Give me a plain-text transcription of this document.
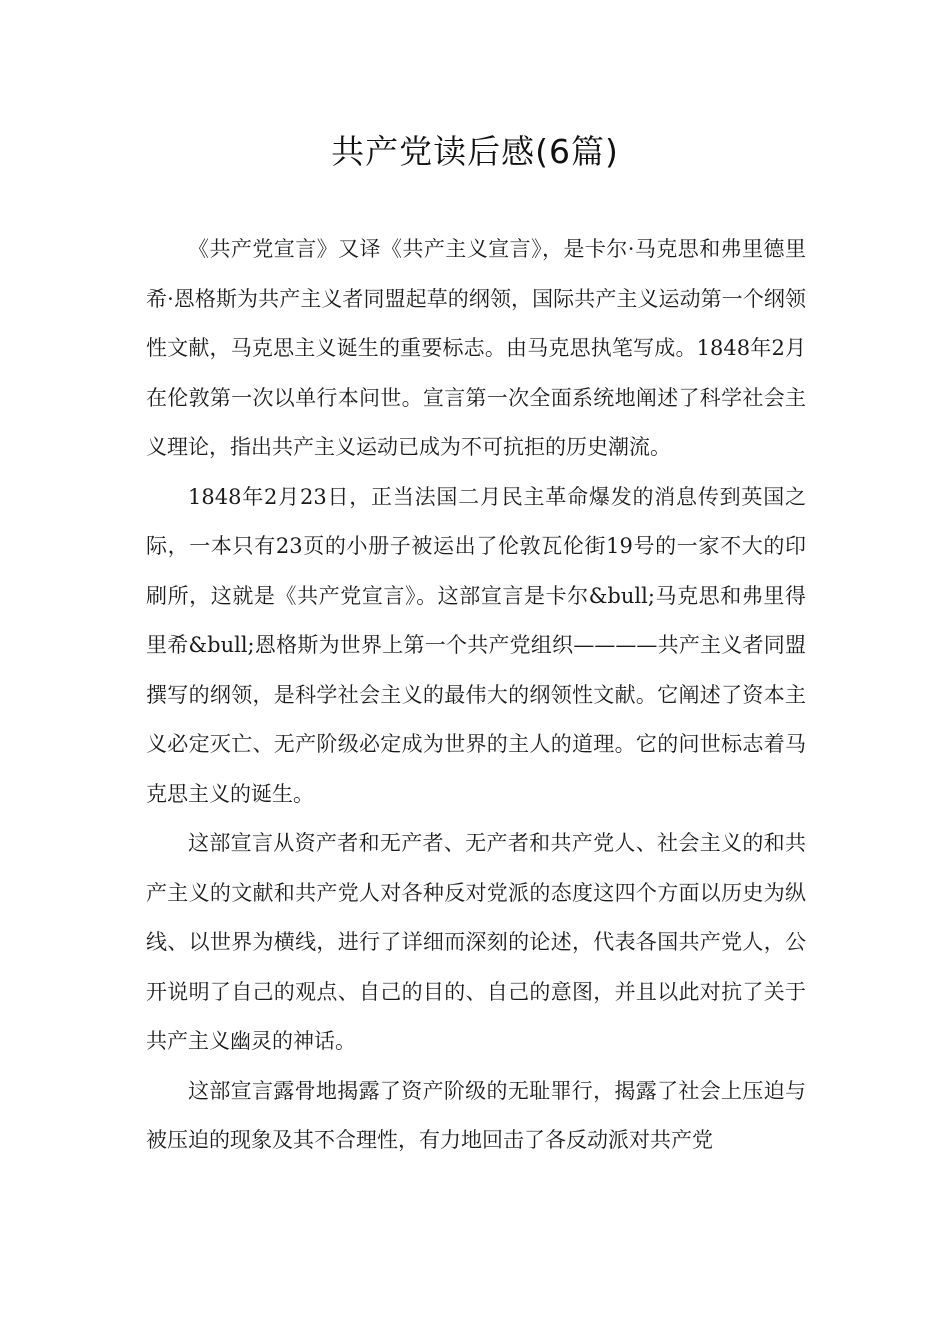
共产党读后感(6篇)

《共产党宣言》又译《共产主义宣言》，是卡尔·马克思和弗里德里希·恩格斯为共产主义者同盟起草的纲领，国际共产主义运动第一个纲领性文献，马克思主义诞生的重要标志。由马克思执笔写成。1848年2月在伦敦第一次以单行本问世。宣言第一次全面系统地阐述了科学社会主义理论，指出共产主义运动已成为不可抗拒的历史潮流。

1848年2月23日，正当法国二月民主革命爆发的消息传到英国之际，一本只有23页的小册子被运出了伦敦瓦伦街19号的一家不大的印刷所，这就是《共产党宣言》。这部宣言是卡尔&bull;马克思和弗里得里希&bull;恩格斯为世界上第一个共产党组织————共产主义者同盟撰写的纲领，是科学社会主义的最伟大的纲领性文献。它阐述了资本主义必定灭亡、无产阶级必定成为世界的主人的道理。它的问世标志着马克思主义的诞生。

这部宣言从资产者和无产者、无产者和共产党人、社会主义的和共产主义的文献和共产党人对各种反对党派的态度这四个方面以历史为纵线、以世界为横线，进行了详细而深刻的论述，代表各国共产党人，公开说明了自己的观点、自己的目的、自己的意图，并且以此对抗了关于共产主义幽灵的神话。

这部宣言露骨地揭露了资产阶级的无耻罪行，揭露了社会上压迫与被压迫的现象及其不合理性，有力地回击了各反动派对共产党
